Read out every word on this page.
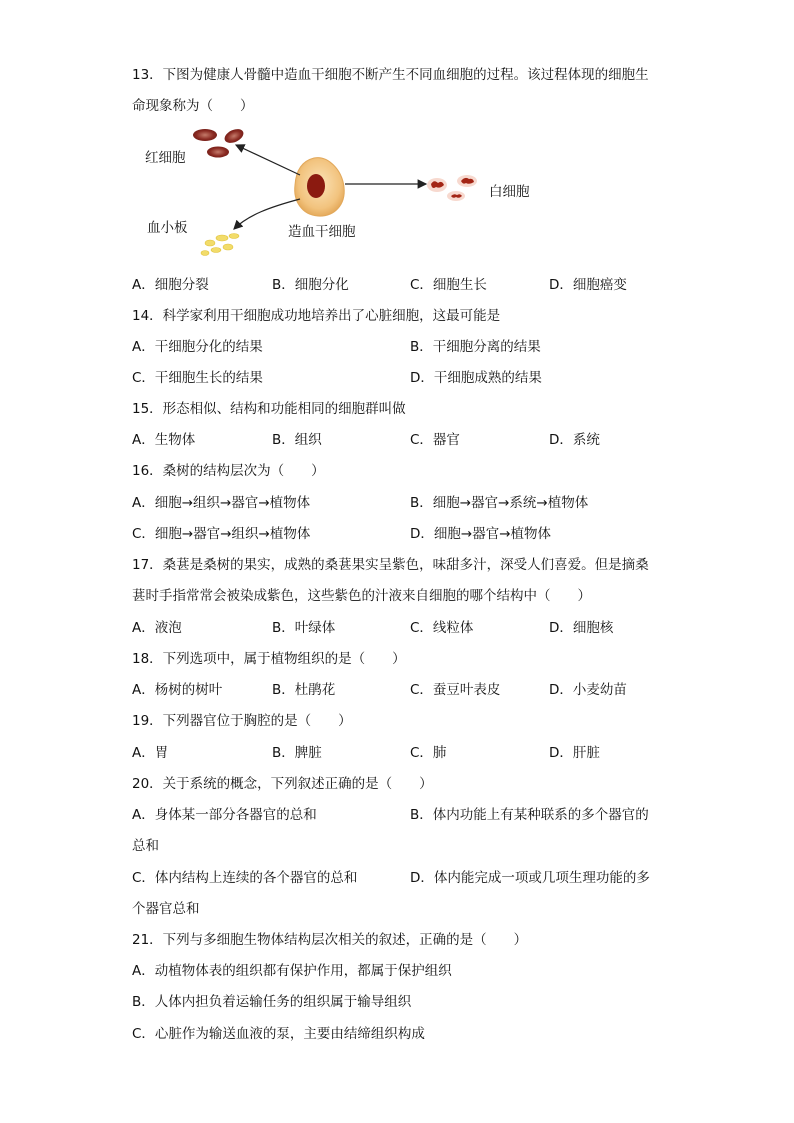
13．下图为健康人骨髓中造血干细胞不断产生不同血细胞的过程。该过程体现的细胞生
命现象称为（　　）
红细胞
白细胞
血小板	造血干细胞
A．细胞分裂	B．细胞分化	C．细胞生长	D．细胞癌变
14．科学家利用干细胞成功地培养出了心脏细胞，这最可能是
A．干细胞分化的结果	B．干细胞分离的结果
C．干细胞生长的结果	D．干细胞成熟的结果
15．形态相似、结构和功能相同的细胞群叫做
A．生物体	B．组织	C．器官	D．系统
16．桑树的结构层次为（　　）
A．细胞→组织→器官→植物体	B．细胞→器官→系统→植物体
C．细胞→器官→组织→植物体	D．细胞→器官→植物体
17．桑葚是桑树的果实，成熟的桑葚果实呈紫色，味甜多汁，深受人们喜爱。但是摘桑
葚时手指常常会被染成紫色，这些紫色的汁液来自细胞的哪个结构中（　　）
A．液泡	B．叶绿体	C．线粒体	D．细胞核
18．下列选项中，属于植物组织的是（　　）
A．杨树的树叶	B．杜鹃花	C．蚕豆叶表皮	D．小麦幼苗
19．下列器官位于胸腔的是（　　）
A．胃	B．脾脏	C．肺	D．肝脏
20．关于系统的概念，下列叙述正确的是（　　）
A．身体某一部分各器官的总和	B．体内功能上有某种联系的多个器官的
总和
C．体内结构上连续的各个器官的总和	D．体内能完成一项或几项生理功能的多
个器官总和
21．下列与多细胞生物体结构层次相关的叙述，正确的是（　　）
A．动植物体表的组织都有保护作用，都属于保护组织
B．人体内担负着运输任务的组织属于输导组织
C．心脏作为输送血液的泵，主要由结缔组织构成
